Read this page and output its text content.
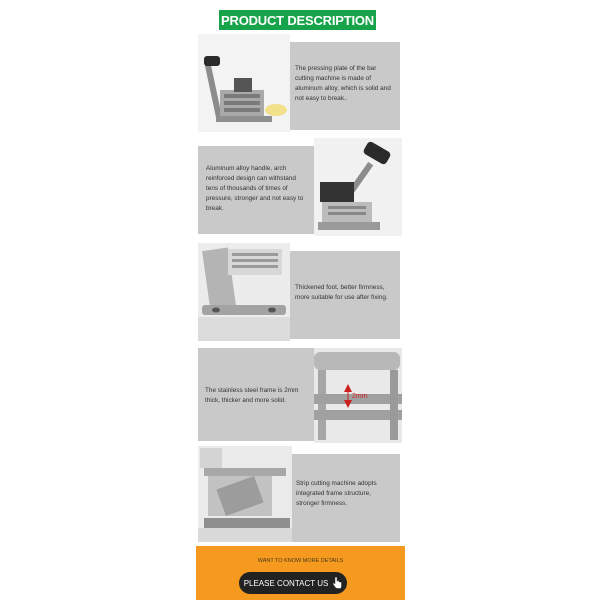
PRODUCT DESCRIPTION
The pressing plate of the bar cutting machine is made of aluminum alloy, which is solid and not easy to break..
Aluminum alloy handle, arch reinforced design can withstand tens of thousands of times of pressure, stronger and not easy to break.
Thickened foot, better firmness, more suitable for use after fixing.
The stainless steel frame is 2mm thick, thicker and more solid.
2mm
Strip cutting machine adopts integrated frame structure, stronger firmness.
WANT TO KNOW MORE DETAILS
PLEASE CONTACT US
